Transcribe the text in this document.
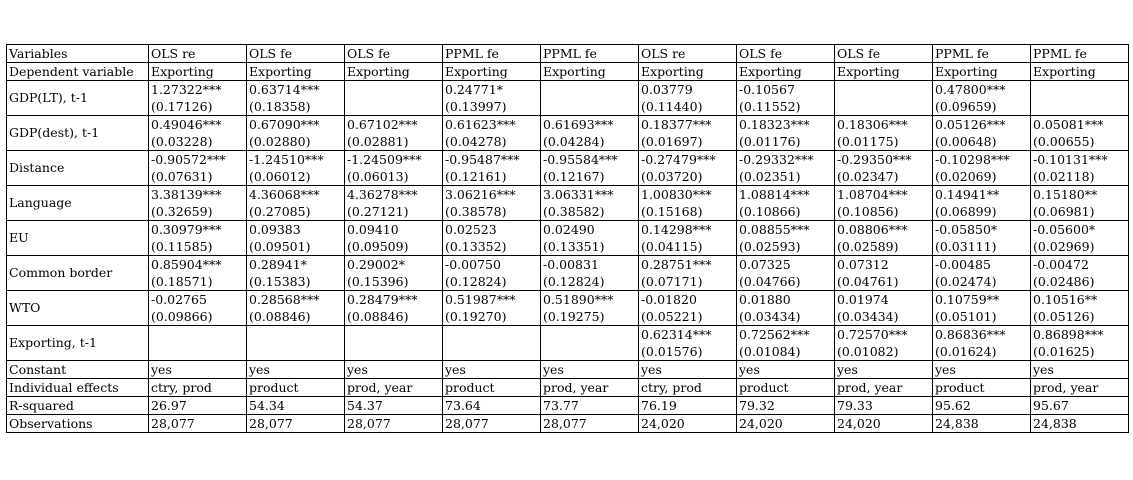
Variables	OLS re	OLS fe	OLS fe	PPML fe	PPML fe	OLS re	OLS fe	OLS fe	PPML fe	PPML fe
Dependent variable	Exporting	Exporting	Exporting	Exporting	Exporting	Exporting	Exporting	Exporting	Exporting	Exporting
GDP(LT), t-1	1.27322***	0.63714***		0.24771*		0.03779	-0.10567		0.47800***	
	(0.17126)	(0.18358)		(0.13997)		(0.11440)	(0.11552)		(0.09659)	
GDP(dest), t-1	0.49046***	0.67090***	0.67102***	0.61623***	0.61693***	0.18377***	0.18323***	0.18306***	0.05126***	0.05081***
	(0.03228)	(0.02880)	(0.02881)	(0.04278)	(0.04284)	(0.01697)	(0.01176)	(0.01175)	(0.00648)	(0.00655)
Distance	-0.90572***	-1.24510***	-1.24509***	-0.95487***	-0.95584***	-0.27479***	-0.29332***	-0.29350***	-0.10298***	-0.10131***
	(0.07631)	(0.06012)	(0.06013)	(0.12161)	(0.12167)	(0.03720)	(0.02351)	(0.02347)	(0.02069)	(0.02118)
Language	3.38139***	4.36068***	4.36278***	3.06216***	3.06331***	1.00830***	1.08814***	1.08704***	0.14941**	0.15180**
	(0.32659)	(0.27085)	(0.27121)	(0.38578)	(0.38582)	(0.15168)	(0.10866)	(0.10856)	(0.06899)	(0.06981)
EU	0.30979***	0.09383	0.09410	0.02523	0.02490	0.14298***	0.08855***	0.08806***	-0.05850*	-0.05600*
	(0.11585)	(0.09501)	(0.09509)	(0.13352)	(0.13351)	(0.04115)	(0.02593)	(0.02589)	(0.03111)	(0.02969)
Common border	0.85904***	0.28941*	0.29002*	-0.00750	-0.00831	0.28751***	0.07325	0.07312	-0.00485	-0.00472
	(0.18571)	(0.15383)	(0.15396)	(0.12824)	(0.12824)	(0.07171)	(0.04766)	(0.04761)	(0.02474)	(0.02486)
WTO	-0.02765	0.28568***	0.28479***	0.51987***	0.51890***	-0.01820	0.01880	0.01974	0.10759**	0.10516**
	(0.09866)	(0.08846)	(0.08846)	(0.19270)	(0.19275)	(0.05221)	(0.03434)	(0.03434)	(0.05101)	(0.05126)
Exporting, t-1						0.62314***	0.72562***	0.72570***	0.86836***	0.86898***
						(0.01576)	(0.01084)	(0.01082)	(0.01624)	(0.01625)
Constant	yes	yes	yes	yes	yes	yes	yes	yes	yes	yes
Individual effects	ctry, prod	product	prod, year	product	prod, year	ctry, prod	product	prod, year	product	prod, year
R-squared	26.97	54.34	54.37	73.64	73.77	76.19	79.32	79.33	95.62	95.67
Observations	28,077	28,077	28,077	28,077	28,077	24,020	24,020	24,020	24,838	24,838
